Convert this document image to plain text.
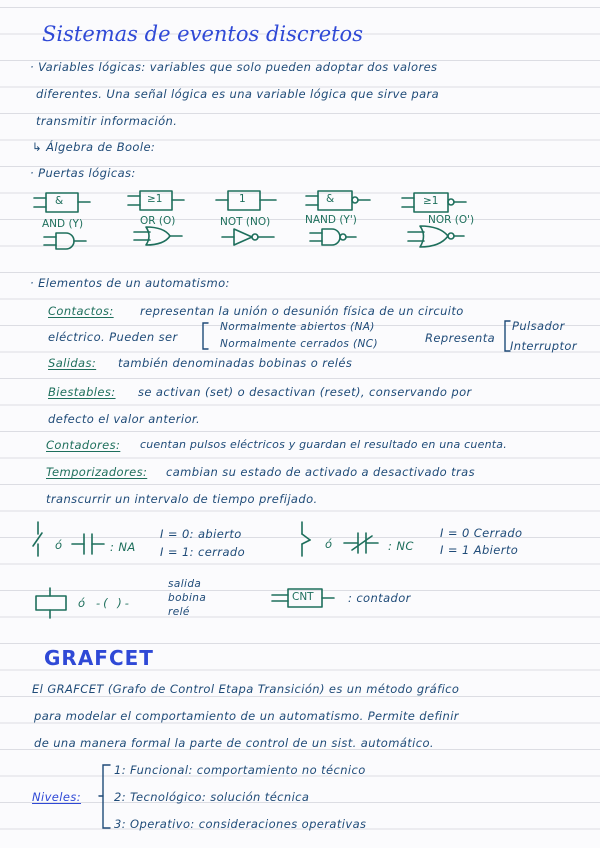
Sistemas de eventos discretos
· Variables lógicas: variables que solo pueden adoptar dos valores
diferentes. Una señal lógica es una variable lógica que sirve para
transmitir información.
↳ Álgebra de Boole:
· Puertas lógicas:
&	≥1	1	&	≥1
AND (Y)	OR (O)	NOT (NO)	NAND (Y')	NOR (O')
· Elementos de un automatismo:
Contactos: representan la unión o desunión física de un circuito
eléctrico. Pueden ser
Normalmente abiertos (NA)
Normalmente cerrados (NC)	Representa
Pulsador
Interruptor
Salidas: también denominadas bobinas o relés
Biestables: se activan (set) o desactivan (reset), conservando por
defecto el valor anterior.
Contadores: cuentan pulsos eléctricos y guardan el resultado en una cuenta.
Temporizadores: cambian su estado de activado a desactivado tras
transcurrir un intervalo de tiempo prefijado.
ó	: NA
I = 0: abierto
I = 1: cerrado
ó	: NC
I = 0 Cerrado
I = 1 Abierto
ó -( )-
salida
bobina
relé
CNT	: contador
GRAFCET
El GRAFCET (Grafo de Control Etapa Transición) es un método gráfico
para modelar el comportamiento de un automatismo. Permite definir
de una manera formal la parte de control de un sist. automático.
Niveles:
1: Funcional: comportamiento no técnico
2: Tecnológico: solución técnica
3: Operativo: consideraciones operativas
